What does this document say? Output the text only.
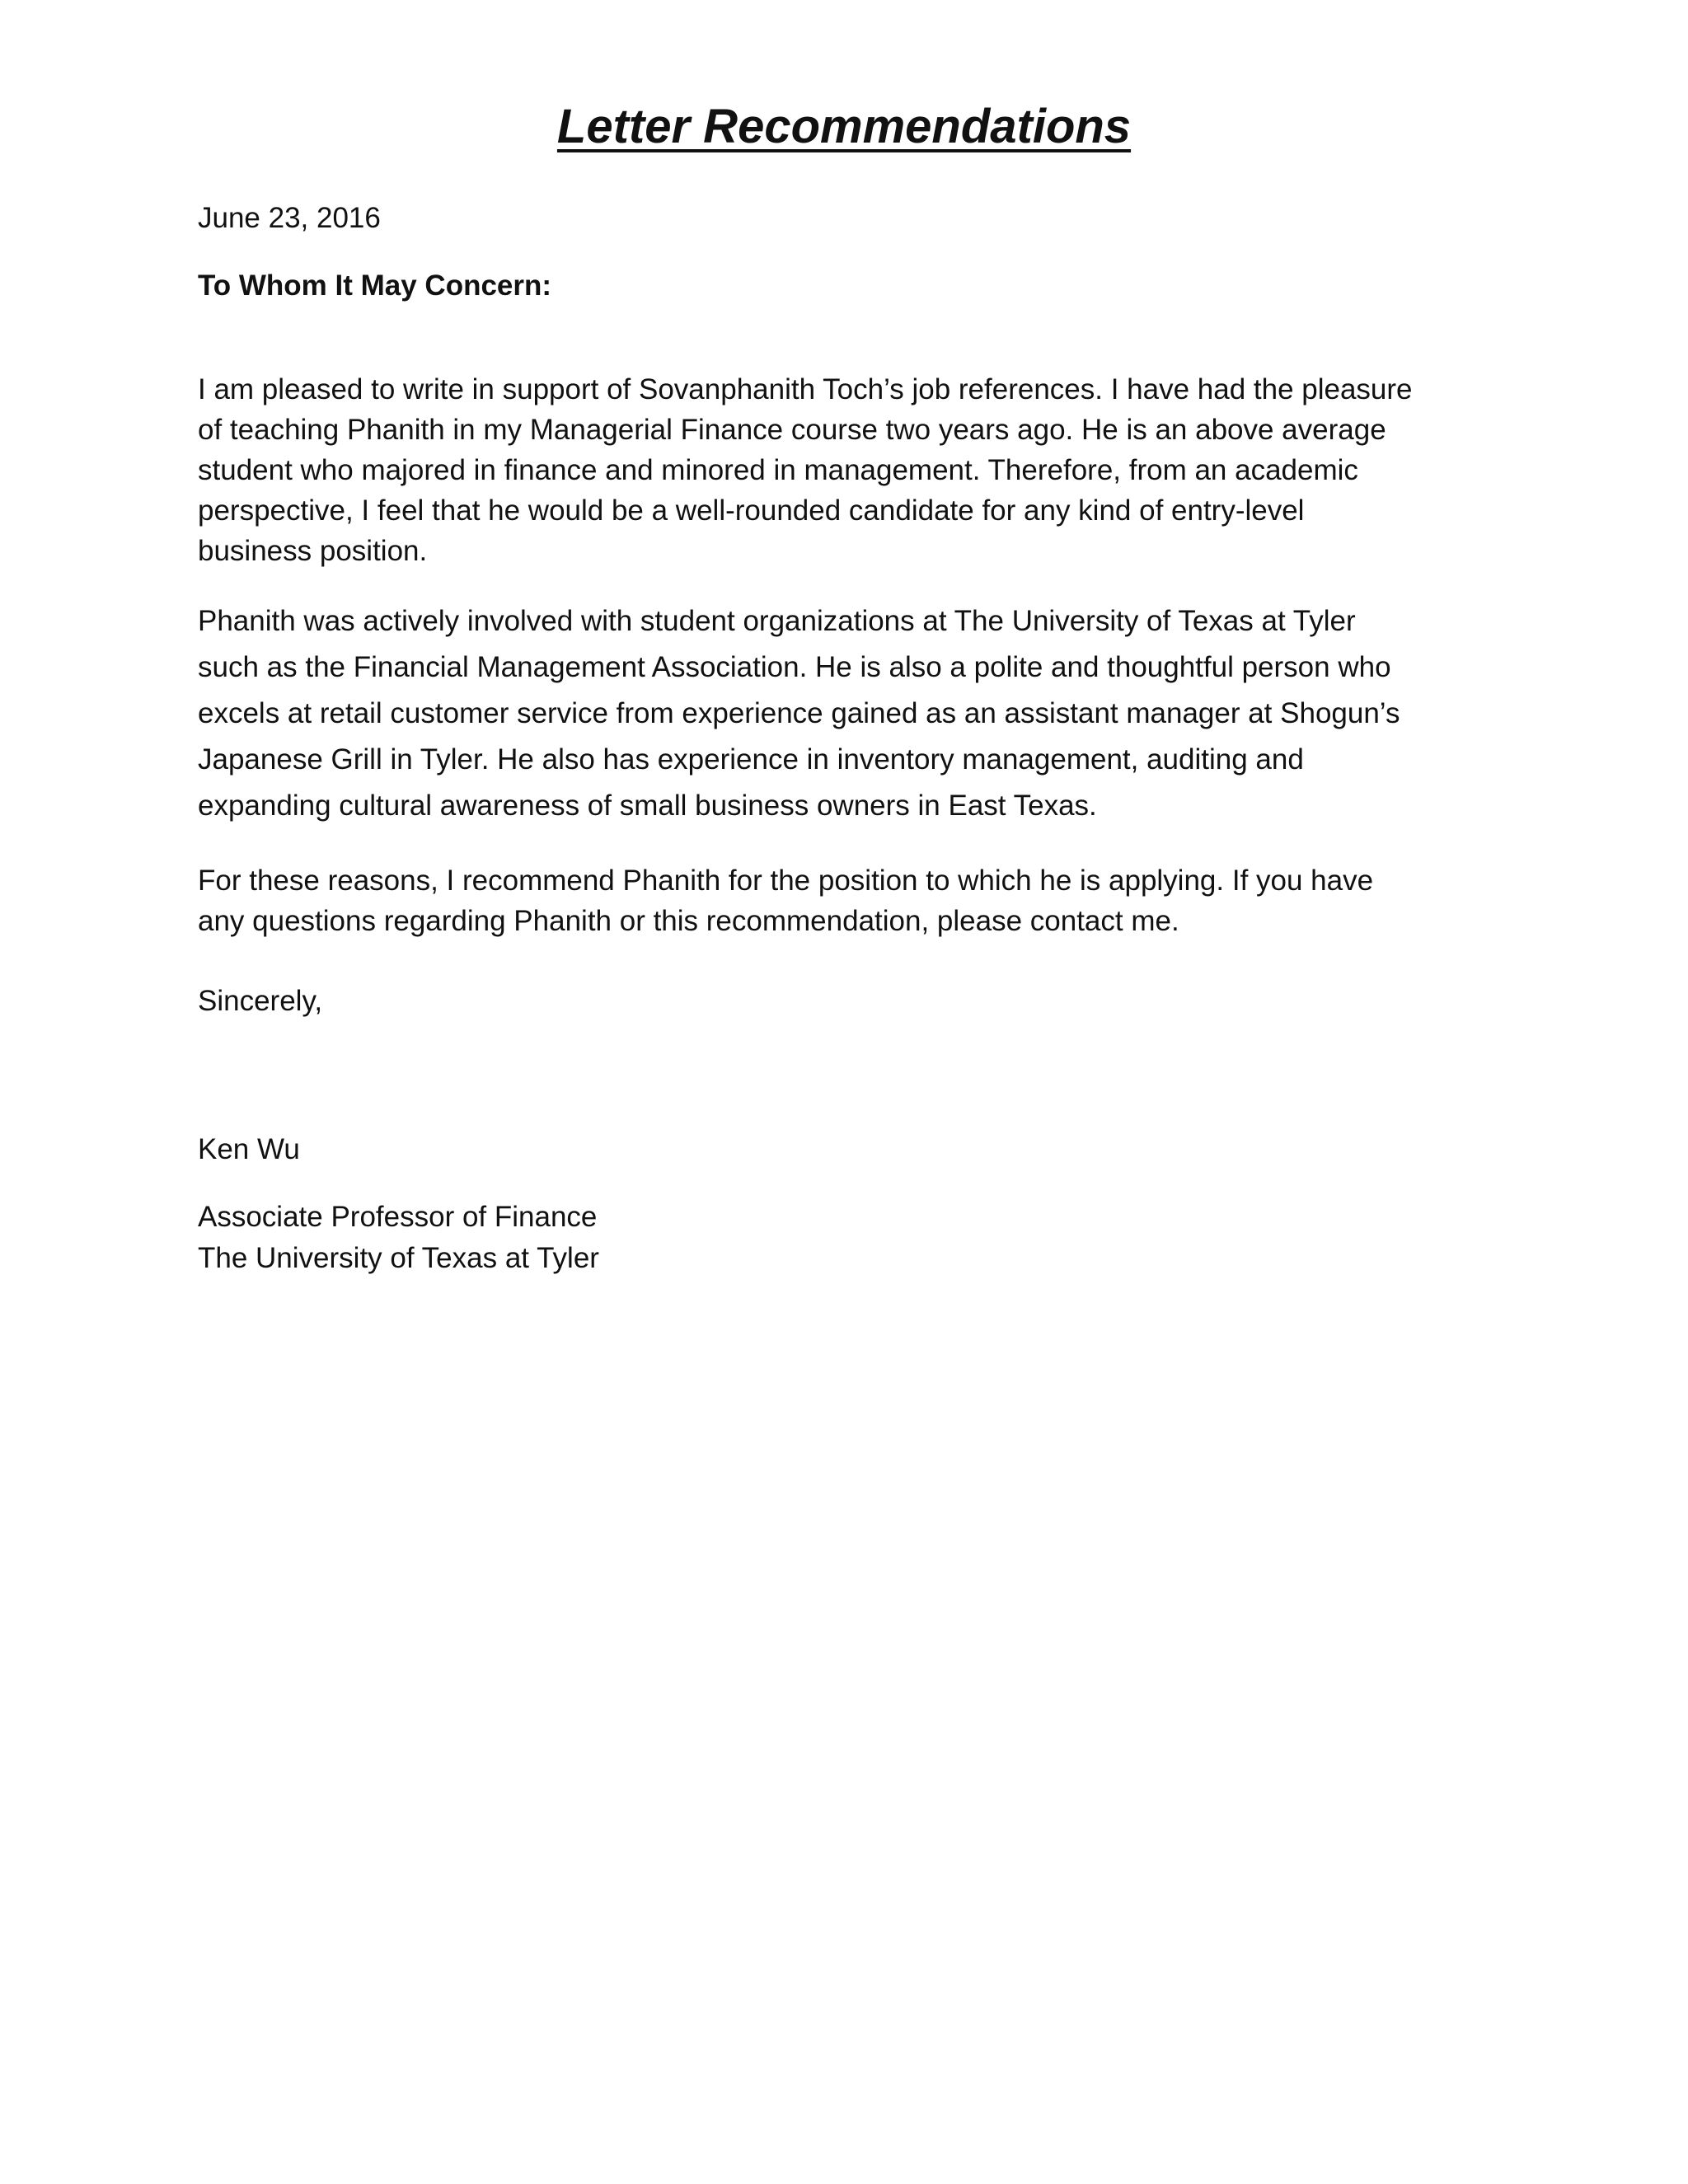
Letter Recommendations

June 23, 2016

To Whom It May Concern:

I am pleased to write in support of Sovanphanith Toch’s job references. I have had the pleasure
of teaching Phanith in my Managerial Finance course two years ago. He is an above average
student who majored in finance and minored in management. Therefore, from an academic
perspective, I feel that he would be a well-rounded candidate for any kind of entry-level
business position.
Phanith was actively involved with student organizations at The University of Texas at Tyler
such as the Financial Management Association. He is also a polite and thoughtful person who
excels at retail customer service from experience gained as an assistant manager at Shogun’s
Japanese Grill in Tyler. He also has experience in inventory management, auditing and
expanding cultural awareness of small business owners in East Texas.
For these reasons, I recommend Phanith for the position to which he is applying. If you have
any questions regarding Phanith or this recommendation, please contact me.

Sincerely,

Ken Wu

Associate Professor of Finance

The University of Texas at Tyler
